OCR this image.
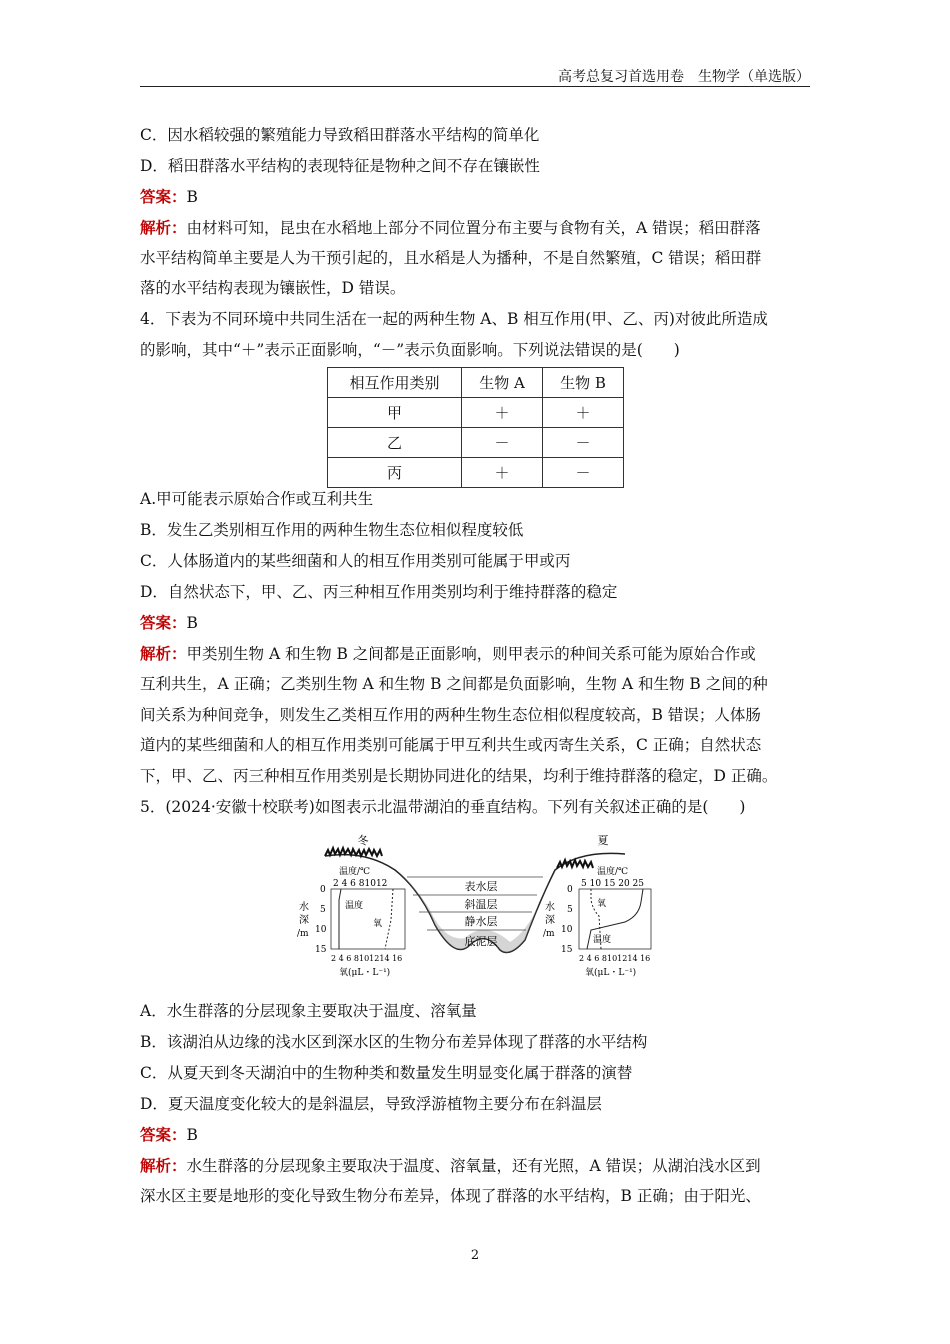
高考总复习首选用卷　生物学（单选版）
C．因水稻较强的繁殖能力导致稻田群落水平结构的简单化
D．稻田群落水平结构的表现特征是物种之间不存在镶嵌性
答案：B
解析：由材料可知，昆虫在水稻地上部分不同位置分布主要与食物有关，A 错误；稻田群落
水平结构简单主要是人为干预引起的，且水稻是人为播种，不是自然繁殖，C 错误；稻田群
落的水平结构表现为镶嵌性，D 错误。
4．下表为不同环境中共同生活在一起的两种生物 A、B 相互作用(甲、乙、丙)对彼此所造成
的影响，其中“＋”表示正面影响，“－”表示负面影响。下列说法错误的是(　　)
相互作用类别	生物 A	生物 B
甲	＋	＋
乙	－	－
丙	＋	－
A.甲可能表示原始合作或互利共生
B．发生乙类别相互作用的两种生物生态位相似程度较低
C．人体肠道内的某些细菌和人的相互作用类别可能属于甲或丙
D．自然状态下，甲、乙、丙三种相互作用类别均利于维持群落的稳定
答案：B
解析：甲类别生物 A 和生物 B 之间都是正面影响，则甲表示的种间关系可能为原始合作或
互利共生，A 正确；乙类别生物 A 和生物 B 之间都是负面影响，生物 A 和生物 B 之间的种
间关系为种间竞争，则发生乙类相互作用的两种生物生态位相似程度较高，B 错误；人体肠
道内的某些细菌和人的相互作用类别可能属于甲互利共生或丙寄生关系，C 正确；自然状态
下，甲、乙、丙三种相互作用类别是长期协同进化的结果，均利于维持群落的稳定，D 正确。
5．(2024·安徽十校联考)如图表示北温带湖泊的垂直结构。下列有关叙述正确的是(　　)
表水层
斜温层
静水层
底泥层
冬	夏
温度/℃
2 4 6 81012
0
5
10
15
水
深
/m
温度
氧
2 4 6 8101214 16
氧(μL・L⁻¹)
温度/℃
5 10 15 20 25
0
5
10
15
水
深
/m
氧
温度
2 4 6 8101214 16
氧(μL・L⁻¹)
A．水生群落的分层现象主要取决于温度、溶氧量
B．该湖泊从边缘的浅水区到深水区的生物分布差异体现了群落的水平结构
C．从夏天到冬天湖泊中的生物种类和数量发生明显变化属于群落的演替
D．夏天温度变化较大的是斜温层，导致浮游植物主要分布在斜温层
答案：B
解析：水生群落的分层现象主要取决于温度、溶氧量，还有光照，A 错误；从湖泊浅水区到
深水区主要是地形的变化导致生物分布差异，体现了群落的水平结构，B 正确；由于阳光、
2
